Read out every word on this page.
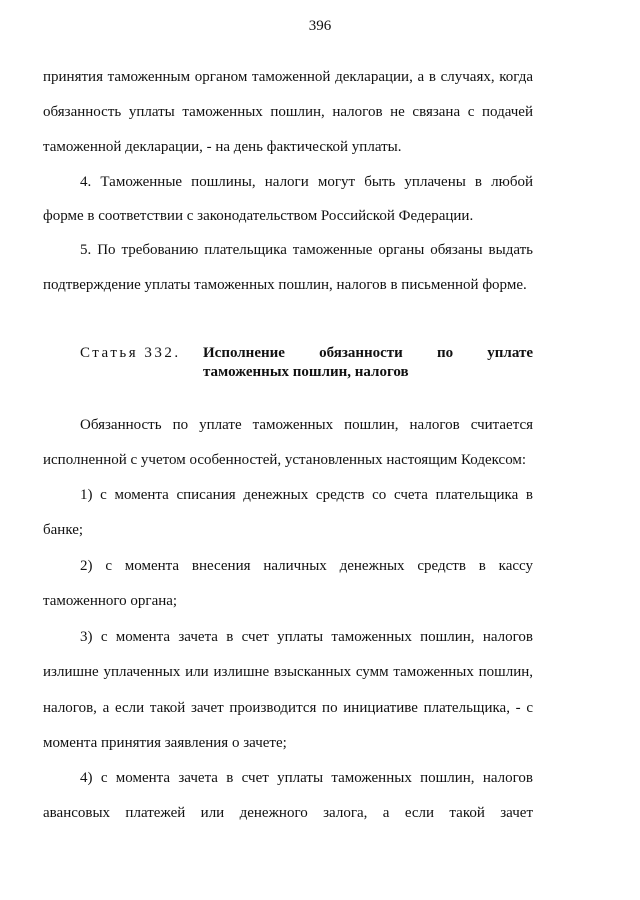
396
принятия таможенным органом таможенной декларации, а в случаях, когда
обязанность уплаты таможенных пошлин, налогов не связана с подачей
таможенной декларации, - на день фактической уплаты.
4. Таможенные пошлины, налоги могут быть уплачены в любой
форме в соответствии с законодательством Российской Федерации.
5. По требованию плательщика таможенные органы обязаны выдать
подтверждение уплаты таможенных пошлин, налогов в письменной форме.
Статья 332. Исполнение обязанности по уплате
таможенных пошлин, налогов
Обязанность по уплате таможенных пошлин, налогов считается
исполненной с учетом особенностей, установленных настоящим Кодексом:
1) с момента списания денежных средств со счета плательщика в
банке;
2) с момента внесения наличных денежных средств в кассу
таможенного органа;
3) с момента зачета в счет уплаты таможенных пошлин, налогов
излишне уплаченных или излишне взысканных сумм таможенных пошлин,
налогов, а если такой зачет производится по инициативе плательщика, - с
момента принятия заявления о зачете;
4) с момента зачета в счет уплаты таможенных пошлин, налогов
авансовых платежей или денежного залога, а если такой зачет
